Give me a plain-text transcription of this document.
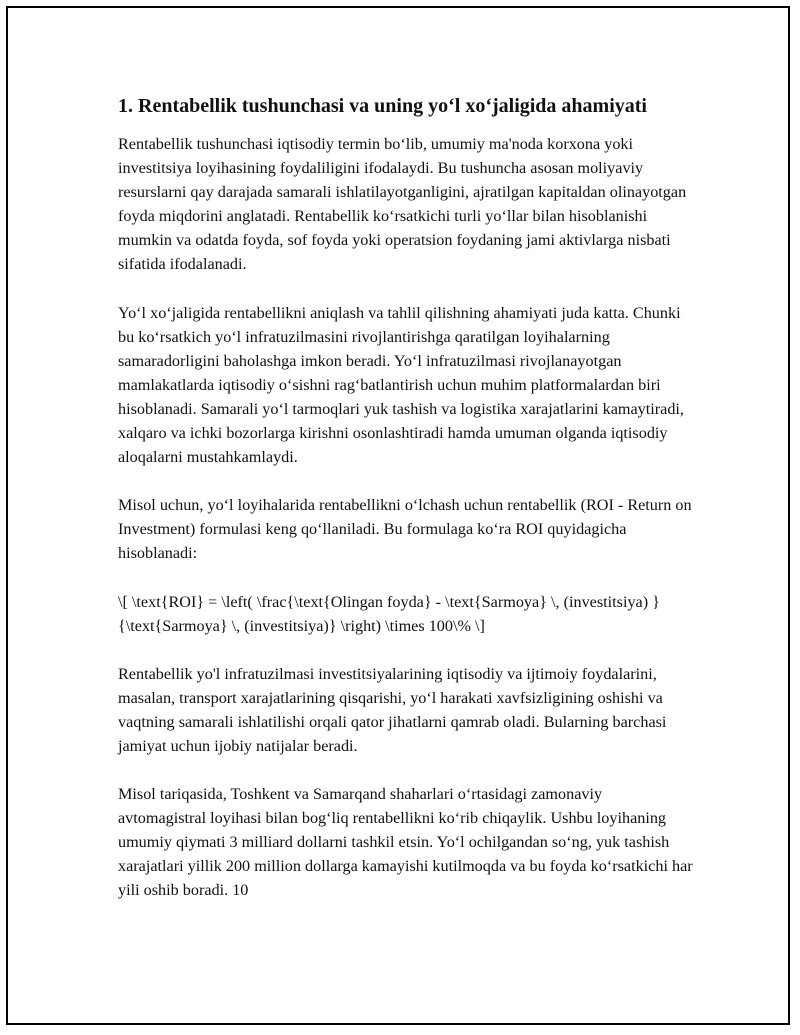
1. Rentabellik tushunchasi va uning yo‘l xo‘jaligida ahamiyati

Rentabellik tushunchasi iqtisodiy termin bo‘lib, umumiy ma'noda korxona yoki investitsiya loyihasining foydaliligini ifodalaydi. Bu tushuncha asosan moliyaviy resurslarni qay darajada samarali ishlatilayotganligini, ajratilgan kapitaldan olinayotgan foyda miqdorini anglatadi. Rentabellik ko‘rsatkichi turli yo‘llar bilan hisoblanishi mumkin va odatda foyda, sof foyda yoki operatsion foydaning jami aktivlarga nisbati sifatida ifodalanadi.

Yo‘l xo‘jaligida rentabellikni aniqlash va tahlil qilishning ahamiyati juda katta. Chunki bu ko‘rsatkich yo‘l infratuzilmasini rivojlantirishga qaratilgan loyihalarning samaradorligini baholashga imkon beradi. Yo‘l infratuzilmasi rivojlanayotgan mamlakatlarda iqtisodiy o‘sishni rag‘batlantirish uchun muhim platformalardan biri hisoblanadi. Samarali yo‘l tarmoqlari yuk tashish va logistika xarajatlarini kamaytiradi, xalqaro va ichki bozorlarga kirishni osonlashtiradi hamda umuman olganda iqtisodiy aloqalarni mustahkamlaydi.

Misol uchun, yo‘l loyihalarida rentabellikni o‘lchash uchun rentabellik (ROI - Return on Investment) formulasi keng qo‘llaniladi. Bu formulaga ko‘ra ROI quyidagicha hisoblanadi:

\[ \text{ROI} = \left( \frac{\text{Olingan foyda} - \text{Sarmoya} \, (investitsiya) }{\text{Sarmoya} \, (investitsiya)} \right) \times 100\% \]

Rentabellik yo'l infratuzilmasi investitsiyalarining iqtisodiy va ijtimoiy foydalarini, masalan, transport xarajatlarining qisqarishi, yo‘l harakati xavfsizligining oshishi va vaqtning samarali ishlatilishi orqali qator jihatlarni qamrab oladi. Bularning barchasi jamiyat uchun ijobiy natijalar beradi.

Misol tariqasida, Toshkent va Samarqand shaharlari o‘rtasidagi zamonaviy avtomagistral loyihasi bilan bog‘liq rentabellikni ko‘rib chiqaylik. Ushbu loyihaning umumiy qiymati 3 milliard dollarni tashkil etsin. Yo‘l ochilgandan so‘ng, yuk tashish xarajatlari yillik 200 million dollarga kamayishi kutilmoqda va bu foyda ko‘rsatkichi har yili oshib boradi. 10
